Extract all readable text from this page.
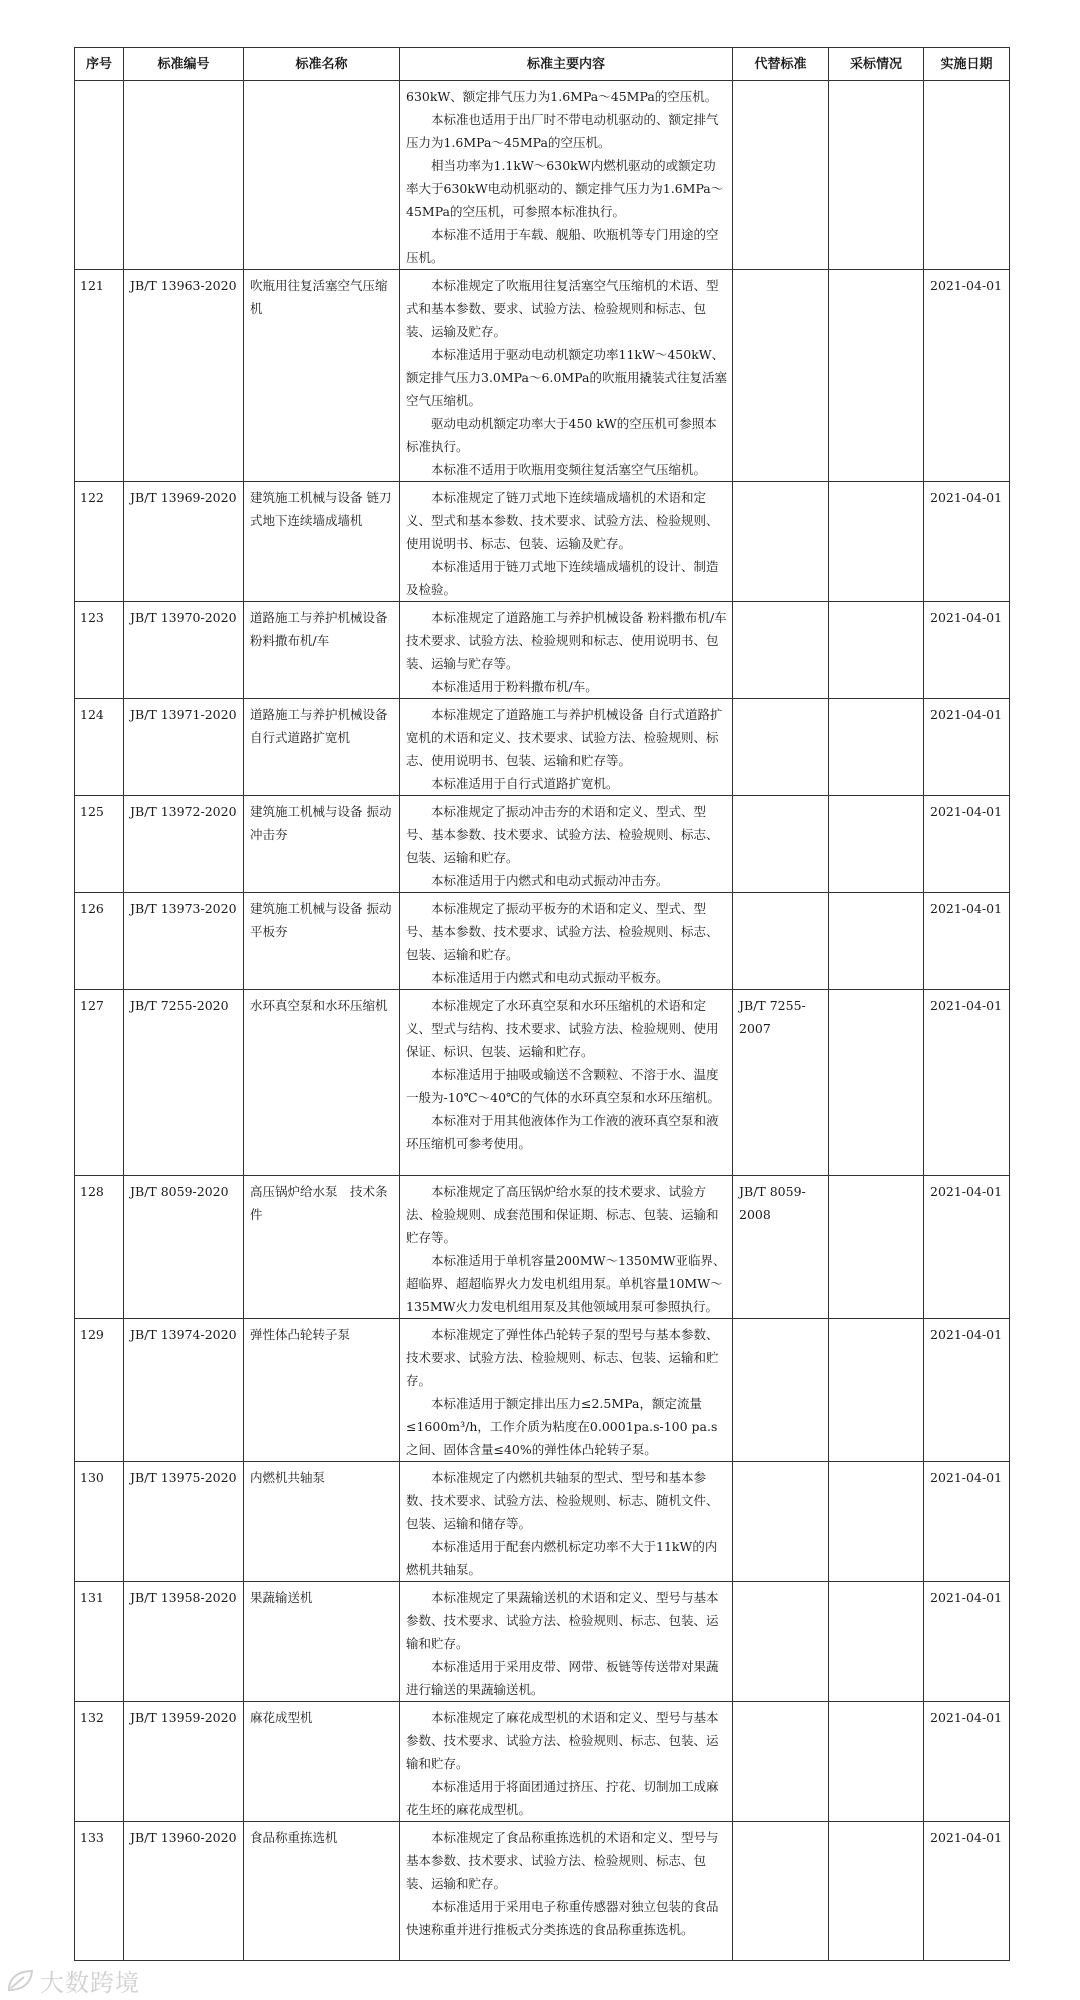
序号	标准编号	标准名称	标准主要内容	代替标准	采标情况	实施日期

			630kW、额定排气压力为1.6MPa～45MPa的空压机。
本标准也适用于出厂时不带电动机驱动的、额定排气压力为1.6MPa～45MPa的空压机。
相当功率为1.1kW～630kW内燃机驱动的或额定功率大于630kW电动机驱动的、额定排气压力为1.6MPa～45MPa的空压机，可参照本标准执行。
本标准不适用于车载、舰船、吹瓶机等专门用途的空压机。			

121	JB/T 13963-2020	吹瓶用往复活塞空气压缩机	本标准规定了吹瓶用往复活塞空气压缩机的术语、型式和基本参数、要求、试验方法、检验规则和标志、包装、运输及贮存。
本标准适用于驱动电动机额定功率11kW～450kW、额定排气压力3.0MPa～6.0MPa的吹瓶用撬装式往复活塞空气压缩机。
驱动电动机额定功率大于450 kW的空压机可参照本标准执行。
本标准不适用于吹瓶用变频往复活塞空气压缩机。			2021-04-01
122	JB/T 13969-2020	建筑施工机械与设备 链刀式地下连续墙成墙机	本标准规定了链刀式地下连续墙成墙机的术语和定义、型式和基本参数、技术要求、试验方法、检验规则、使用说明书、标志、包装、运输及贮存。
本标准适用于链刀式地下连续墙成墙机的设计、制造及检验。			2021-04-01
123	JB/T 13970-2020	道路施工与养护机械设备 粉料撒布机/车	本标准规定了道路施工与养护机械设备 粉料撒布机/车技术要求、试验方法、检验规则和标志、使用说明书、包装、运输与贮存等。
本标准适用于粉料撒布机/车。			2021-04-01
124	JB/T 13971-2020	道路施工与养护机械设备 自行式道路扩宽机	本标准规定了道路施工与养护机械设备 自行式道路扩宽机的术语和定义、技术要求、试验方法、检验规则、标志、使用说明书、包装、运输和贮存等。
本标准适用于自行式道路扩宽机。			2021-04-01
125	JB/T 13972-2020	建筑施工机械与设备 振动冲击夯	本标准规定了振动冲击夯的术语和定义、型式、型号、基本参数、技术要求、试验方法、检验规则、标志、包装、运输和贮存。
本标准适用于内燃式和电动式振动冲击夯。			2021-04-01
126	JB/T 13973-2020	建筑施工机械与设备 振动平板夯	本标准规定了振动平板夯的术语和定义、型式、型号、基本参数、技术要求、试验方法、检验规则、标志、包装、运输和贮存。
本标准适用于内燃式和电动式振动平板夯。			2021-04-01
127	JB/T 7255-2020	水环真空泵和水环压缩机	本标准规定了水环真空泵和水环压缩机的术语和定义、型式与结构、技术要求、试验方法、检验规则、使用保证、标识、包装、运输和贮存。
本标准适用于抽吸或输送不含颗粒、不溶于水、温度一般为-10℃～40℃的气体的水环真空泵和水环压缩机。
本标准对于用其他液体作为工作液的液环真空泵和液环压缩机可参考使用。	JB/T 7255-2007		2021-04-01
128	JB/T 8059-2020	高压锅炉给水泵　技术条件	本标准规定了高压锅炉给水泵的技术要求、试验方法、检验规则、成套范围和保证期、标志、包装、运输和贮存等。
本标准适用于单机容量200MW～1350MW亚临界、超临界、超超临界火力发电机组用泵。单机容量10MW～135MW火力发电机组用泵及其他领域用泵可参照执行。	JB/T 8059-2008		2021-04-01
129	JB/T 13974-2020	弹性体凸轮转子泵	本标准规定了弹性体凸轮转子泵的型号与基本参数、技术要求、试验方法、检验规则、标志、包装、运输和贮存。
本标准适用于额定排出压力≤2.5MPa，额定流量≤1600m³/h，工作介质为粘度在0.0001pa.s-100 pa.s之间、固体含量≤40%的弹性体凸轮转子泵。			2021-04-01
130	JB/T 13975-2020	内燃机共轴泵	本标准规定了内燃机共轴泵的型式、型号和基本参数、技术要求、试验方法、检验规则、标志、随机文件、包装、运输和储存等。
本标准适用于配套内燃机标定功率不大于11kW的内燃机共轴泵。			2021-04-01
131	JB/T 13958-2020	果蔬输送机	本标准规定了果蔬输送机的术语和定义、型号与基本参数、技术要求、试验方法、检验规则、标志、包装、运输和贮存。
本标准适用于采用皮带、网带、板链等传送带对果蔬进行输送的果蔬输送机。			2021-04-01
132	JB/T 13959-2020	麻花成型机	本标准规定了麻花成型机的术语和定义、型号与基本参数、技术要求、试验方法、检验规则、标志、包装、运输和贮存。
本标准适用于将面团通过挤压、拧花、切制加工成麻花生坯的麻花成型机。			2021-04-01
133	JB/T 13960-2020	食品称重拣选机	本标准规定了食品称重拣选机的术语和定义、型号与基本参数、技术要求、试验方法、检验规则、标志、包装、运输和贮存。
本标准适用于采用电子称重传感器对独立包装的食品快速称重并进行推板式分类拣选的食品称重拣选机。			2021-04-01
大数跨境
